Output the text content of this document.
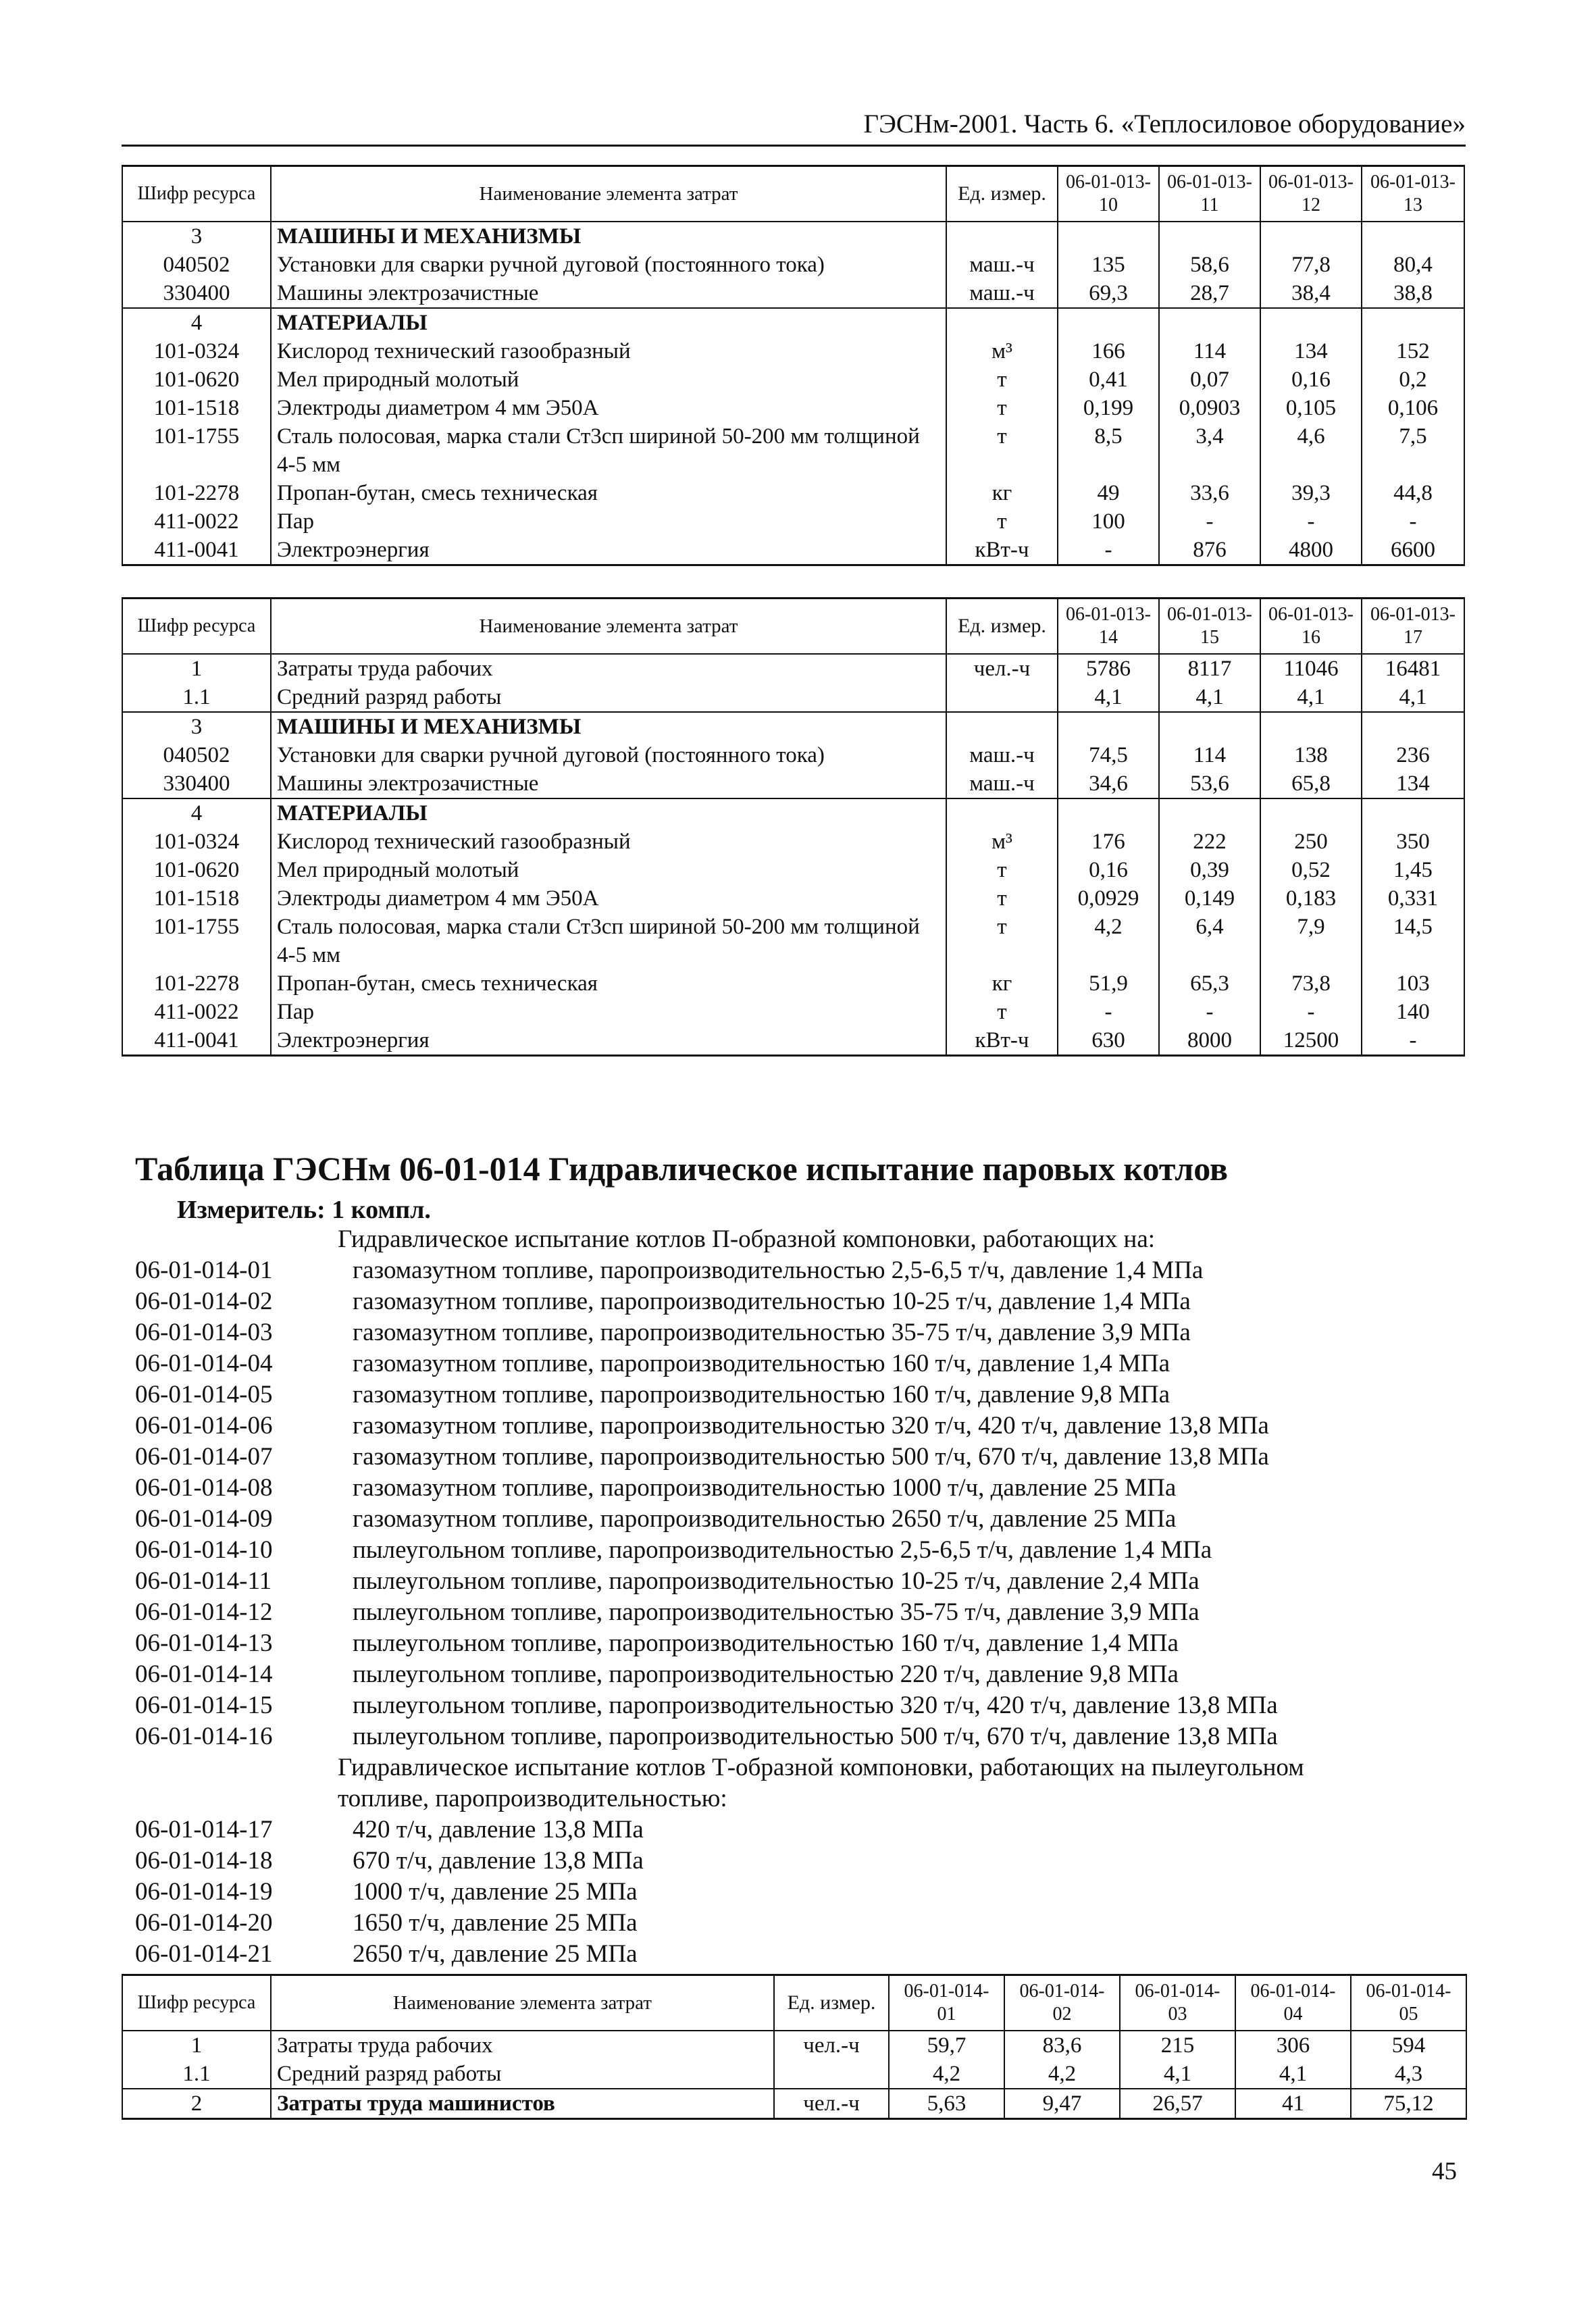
ГЭСНм-2001. Часть 6. «Теплосиловое оборудование»
Шифр ресурса	Наименование элемента затрат	Ед. измер.	06-01-013-10	06-01-013-11	06-01-013-12	06-01-013-13
3	МАШИНЫ И МЕХАНИЗМЫ					
040502	Установки для сварки ручной дуговой (постоянного тока)	маш.-ч	135	58,6	77,8	80,4
330400	Машины электрозачистные	маш.-ч	69,3	28,7	38,4	38,8
4	МАТЕРИАЛЫ					
101-0324	Кислород технический газообразный	м³	166	114	134	152
101-0620	Мел природный молотый	т	0,41	0,07	0,16	0,2
101-1518	Электроды диаметром 4 мм Э50А	т	0,199	0,0903	0,105	0,106
101-1755	Сталь полосовая, марка стали Ст3сп шириной 50-200 мм толщиной 4-5 мм	т	8,5	3,4	4,6	7,5
101-2278	Пропан-бутан, смесь техническая	кг	49	33,6	39,3	44,8
411-0022	Пар	т	100	-	-	-
411-0041	Электроэнергия	кВт-ч	-	876	4800	6600
Шифр ресурса	Наименование элемента затрат	Ед. измер.	06-01-013-14	06-01-013-15	06-01-013-16	06-01-013-17
1	Затраты труда рабочих	чел.-ч	5786	8117	11046	16481
1.1	Средний разряд работы		4,1	4,1	4,1	4,1
3	МАШИНЫ И МЕХАНИЗМЫ					
040502	Установки для сварки ручной дуговой (постоянного тока)	маш.-ч	74,5	114	138	236
330400	Машины электрозачистные	маш.-ч	34,6	53,6	65,8	134
4	МАТЕРИАЛЫ					
101-0324	Кислород технический газообразный	м³	176	222	250	350
101-0620	Мел природный молотый	т	0,16	0,39	0,52	1,45
101-1518	Электроды диаметром 4 мм Э50А	т	0,0929	0,149	0,183	0,331
101-1755	Сталь полосовая, марка стали Ст3сп шириной 50-200 мм толщиной 4-5 мм	т	4,2	6,4	7,9	14,5
101-2278	Пропан-бутан, смесь техническая	кг	51,9	65,3	73,8	103
411-0022	Пар	т	-	-	-	140
411-0041	Электроэнергия	кВт-ч	630	8000	12500	-
Таблица ГЭСНм 06-01-014 Гидравлическое испытание паровых котлов
Измеритель: 1 компл.
Гидравлическое испытание котлов П-образной компоновки, работающих на:
06-01-014-01	газомазутном топливе, паропроизводительностью 2,5-6,5 т/ч, давление 1,4 МПа
06-01-014-02	газомазутном топливе, паропроизводительностью 10-25 т/ч, давление 1,4 МПа
06-01-014-03	газомазутном топливе, паропроизводительностью 35-75 т/ч, давление 3,9 МПа
06-01-014-04	газомазутном топливе, паропроизводительностью 160 т/ч, давление 1,4 МПа
06-01-014-05	газомазутном топливе, паропроизводительностью 160 т/ч, давление 9,8 МПа
06-01-014-06	газомазутном топливе, паропроизводительностью 320 т/ч, 420 т/ч, давление 13,8 МПа
06-01-014-07	газомазутном топливе, паропроизводительностью 500 т/ч, 670 т/ч, давление 13,8 МПа
06-01-014-08	газомазутном топливе, паропроизводительностью 1000 т/ч, давление 25 МПа
06-01-014-09	газомазутном топливе, паропроизводительностью 2650 т/ч, давление 25 МПа
06-01-014-10	пылеугольном топливе, паропроизводительностью 2,5-6,5 т/ч, давление 1,4 МПа
06-01-014-11	пылеугольном топливе, паропроизводительностью 10-25 т/ч, давление 2,4 МПа
06-01-014-12	пылеугольном топливе, паропроизводительностью 35-75 т/ч, давление 3,9 МПа
06-01-014-13	пылеугольном топливе, паропроизводительностью 160 т/ч, давление 1,4 МПа
06-01-014-14	пылеугольном топливе, паропроизводительностью 220 т/ч, давление 9,8 МПа
06-01-014-15	пылеугольном топливе, паропроизводительностью 320 т/ч, 420 т/ч, давление 13,8 МПа
06-01-014-16	пылеугольном топливе, паропроизводительностью 500 т/ч, 670 т/ч, давление 13,8 МПа
Гидравлическое испытание котлов Т-образной компоновки, работающих на пылеугольном
топливе, паропроизводительностью:
06-01-014-17	420 т/ч, давление 13,8 МПа
06-01-014-18	670 т/ч, давление 13,8 МПа
06-01-014-19	1000 т/ч, давление 25 МПа
06-01-014-20	1650 т/ч, давление 25 МПа
06-01-014-21	2650 т/ч, давление 25 МПа
Шифр ресурса	Наименование элемента затрат	Ед. измер.	06-01-014-01	06-01-014-02	06-01-014-03	06-01-014-04	06-01-014-05
1	Затраты труда рабочих	чел.-ч	59,7	83,6	215	306	594
1.1	Средний разряд работы		4,2	4,2	4,1	4,1	4,3
2	Затраты труда машинистов	чел.-ч	5,63	9,47	26,57	41	75,12
45
